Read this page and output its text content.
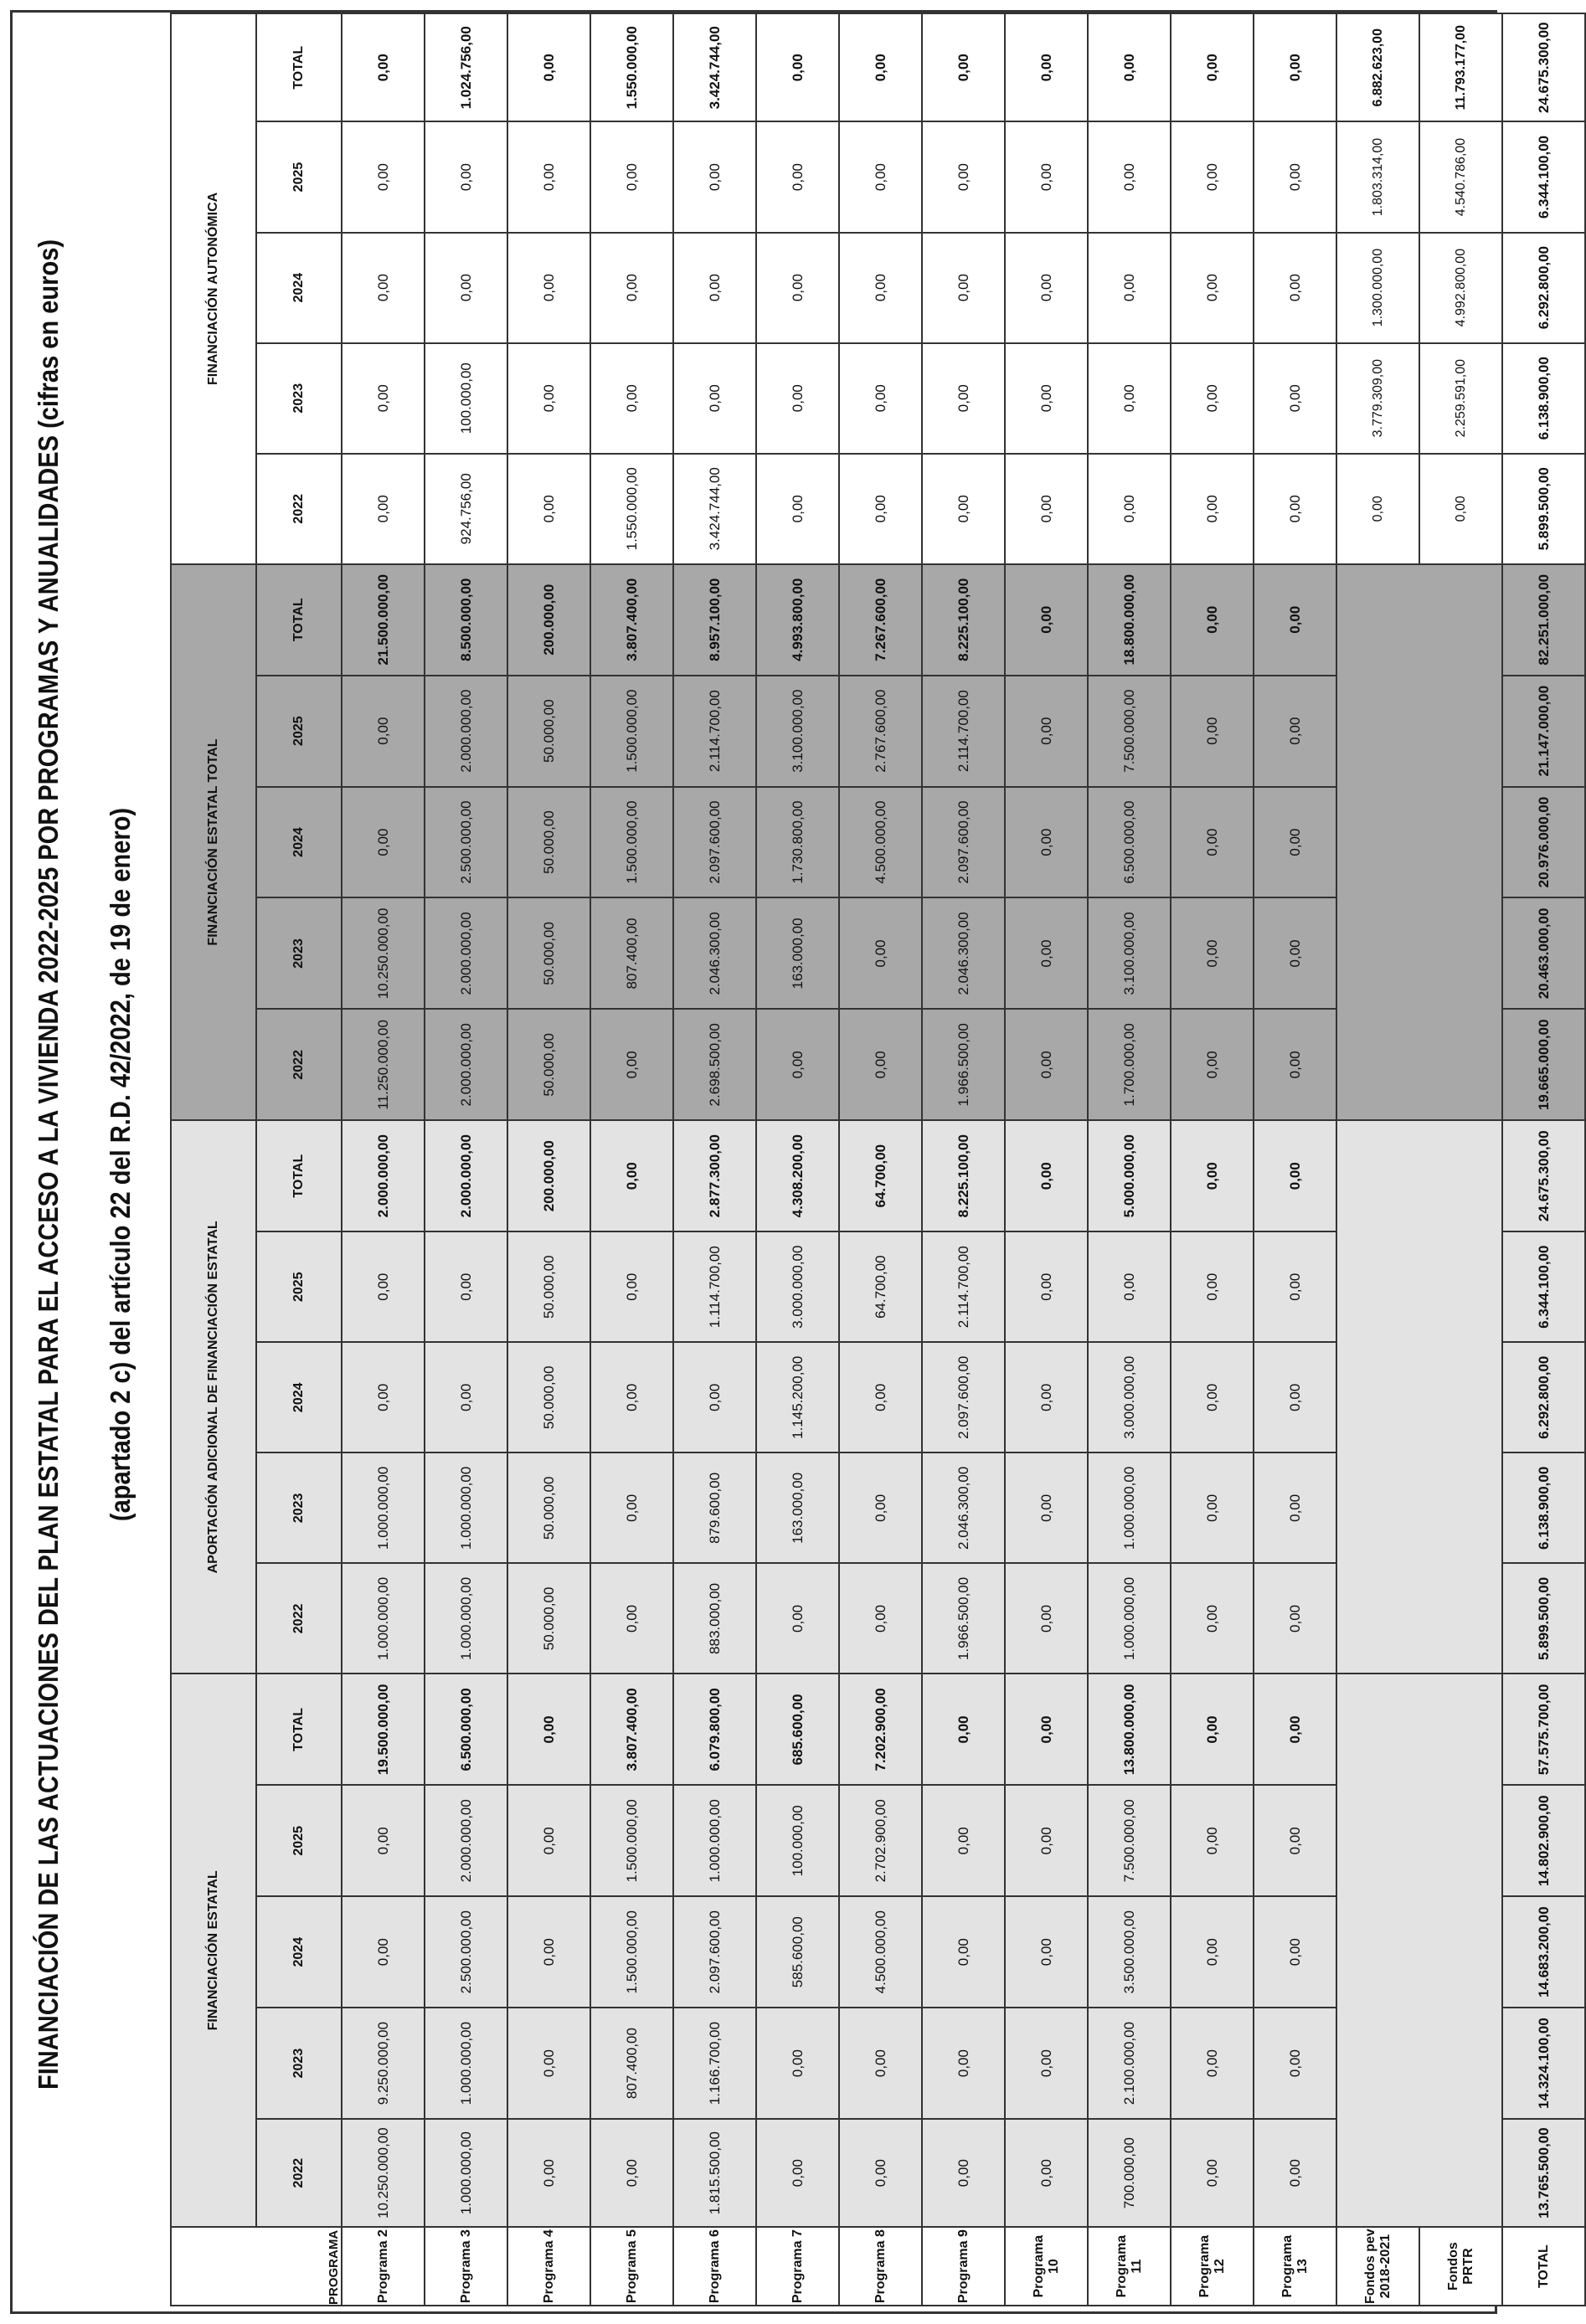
FINANCIACIÓN DE LAS ACTUACIONES DEL PLAN ESTATAL PARA EL ACCESO A LA VIVIENDA 2022-2025 POR PROGRAMAS Y ANUALIDADES (cifras en euros) (apartado 2 c) del artículo 22 del R.D. 42/2022, de 19 de enero)
PROGRAMA	FINANCIACIÓN ESTATAL					APORTACIÓN ADICIONAL DE FINANCIACIÓN ESTATAL					FINANCIACIÓN ESTATAL TOTAL					FINANCIACIÓN AUTONÓMICA				
	2022	2023	2024	2025	TOTAL	2022	2023	2024	2025	TOTAL	2022	2023	2024	2025	TOTAL	2022	2023	2024	2025	TOTAL
Programa 2	10.250.000,00	9.250.000,00	0,00	0,00	19.500.000,00	1.000.000,00	1.000.000,00	0,00	0,00	2.000.000,00	11.250.000,00	10.250.000,00	0,00	0,00	21.500.000,00	0,00	0,00	0,00	0,00	0,00
Programa 3	1.000.000,00	1.000.000,00	2.500.000,00	2.000.000,00	6.500.000,00	1.000.000,00	1.000.000,00	0,00	0,00	2.000.000,00	2.000.000,00	2.000.000,00	2.500.000,00	2.000.000,00	8.500.000,00	924.756,00	100.000,00	0,00	0,00	1.024.756,00
Programa 4	0,00	0,00	0,00	0,00	0,00	50.000,00	50.000,00	50.000,00	50.000,00	200.000,00	50.000,00	50.000,00	50.000,00	50.000,00	200.000,00	0,00	0,00	0,00	0,00	0,00
Programa 5	0,00	807.400,00	1.500.000,00	1.500.000,00	3.807.400,00	0,00	0,00	0,00	0,00	0,00	0,00	807.400,00	1.500.000,00	1.500.000,00	3.807.400,00	1.550.000,00	0,00	0,00	0,00	1.550.000,00
Programa 6	1.815.500,00	1.166.700,00	2.097.600,00	1.000.000,00	6.079.800,00	883.000,00	879.600,00	0,00	1.114.700,00	2.877.300,00	2.698.500,00	2.046.300,00	2.097.600,00	2.114.700,00	8.957.100,00	3.424.744,00	0,00	0,00	0,00	3.424.744,00
Programa 7	0,00	0,00	585.600,00	100.000,00	685.600,00	0,00	163.000,00	1.145.200,00	3.000.000,00	4.308.200,00	0,00	163.000,00	1.730.800,00	3.100.000,00	4.993.800,00	0,00	0,00	0,00	0,00	0,00
Programa 8	0,00	0,00	4.500.000,00	2.702.900,00	7.202.900,00	0,00	0,00	0,00	64.700,00	64.700,00	0,00	0,00	4.500.000,00	2.767.600,00	7.267.600,00	0,00	0,00	0,00	0,00	0,00
Programa 9	0,00	0,00	0,00	0,00	0,00	1.966.500,00	2.046.300,00	2.097.600,00	2.114.700,00	8.225.100,00	1.966.500,00	2.046.300,00	2.097.600,00	2.114.700,00	8.225.100,00	0,00	0,00	0,00	0,00	0,00
Programa 10	0,00	0,00	0,00	0,00	0,00	0,00	0,00	0,00	0,00	0,00	0,00	0,00	0,00	0,00	0,00	0,00	0,00	0,00	0,00	0,00
Programa 11	700.000,00	2.100.000,00	3.500.000,00	7.500.000,00	13.800.000,00	1.000.000,00	1.000.000,00	3.000.000,00	0,00	5.000.000,00	1.700.000,00	3.100.000,00	6.500.000,00	7.500.000,00	18.800.000,00	0,00	0,00	0,00	0,00	0,00
Programa 12	0,00	0,00	0,00	0,00	0,00	0,00	0,00	0,00	0,00	0,00	0,00	0,00	0,00	0,00	0,00	0,00	0,00	0,00	0,00	0,00
Programa 13	0,00	0,00	0,00	0,00	0,00	0,00	0,00	0,00	0,00	0,00	0,00	0,00	0,00	0,00	0,00	0,00	0,00	0,00	0,00	0,00
Fondos pev 2018-2021																0,00	3.779.309,00	1.300.000,00	1.803.314,00	6.882.623,00
Fondos PRTR																0,00	2.259.591,00	4.992.800,00	4.540.786,00	11.793.177,00
TOTAL	13.765.500,00	14.324.100,00	14.683.200,00	14.802.900,00	57.575.700,00	5.899.500,00	6.138.900,00	6.292.800,00	6.344.100,00	24.675.300,00	19.665.000,00	20.463.000,00	20.976.000,00	21.147.000,00	82.251.000,00	5.899.500,00	6.138.900,00	6.292.800,00	6.344.100,00	24.675.300,00
